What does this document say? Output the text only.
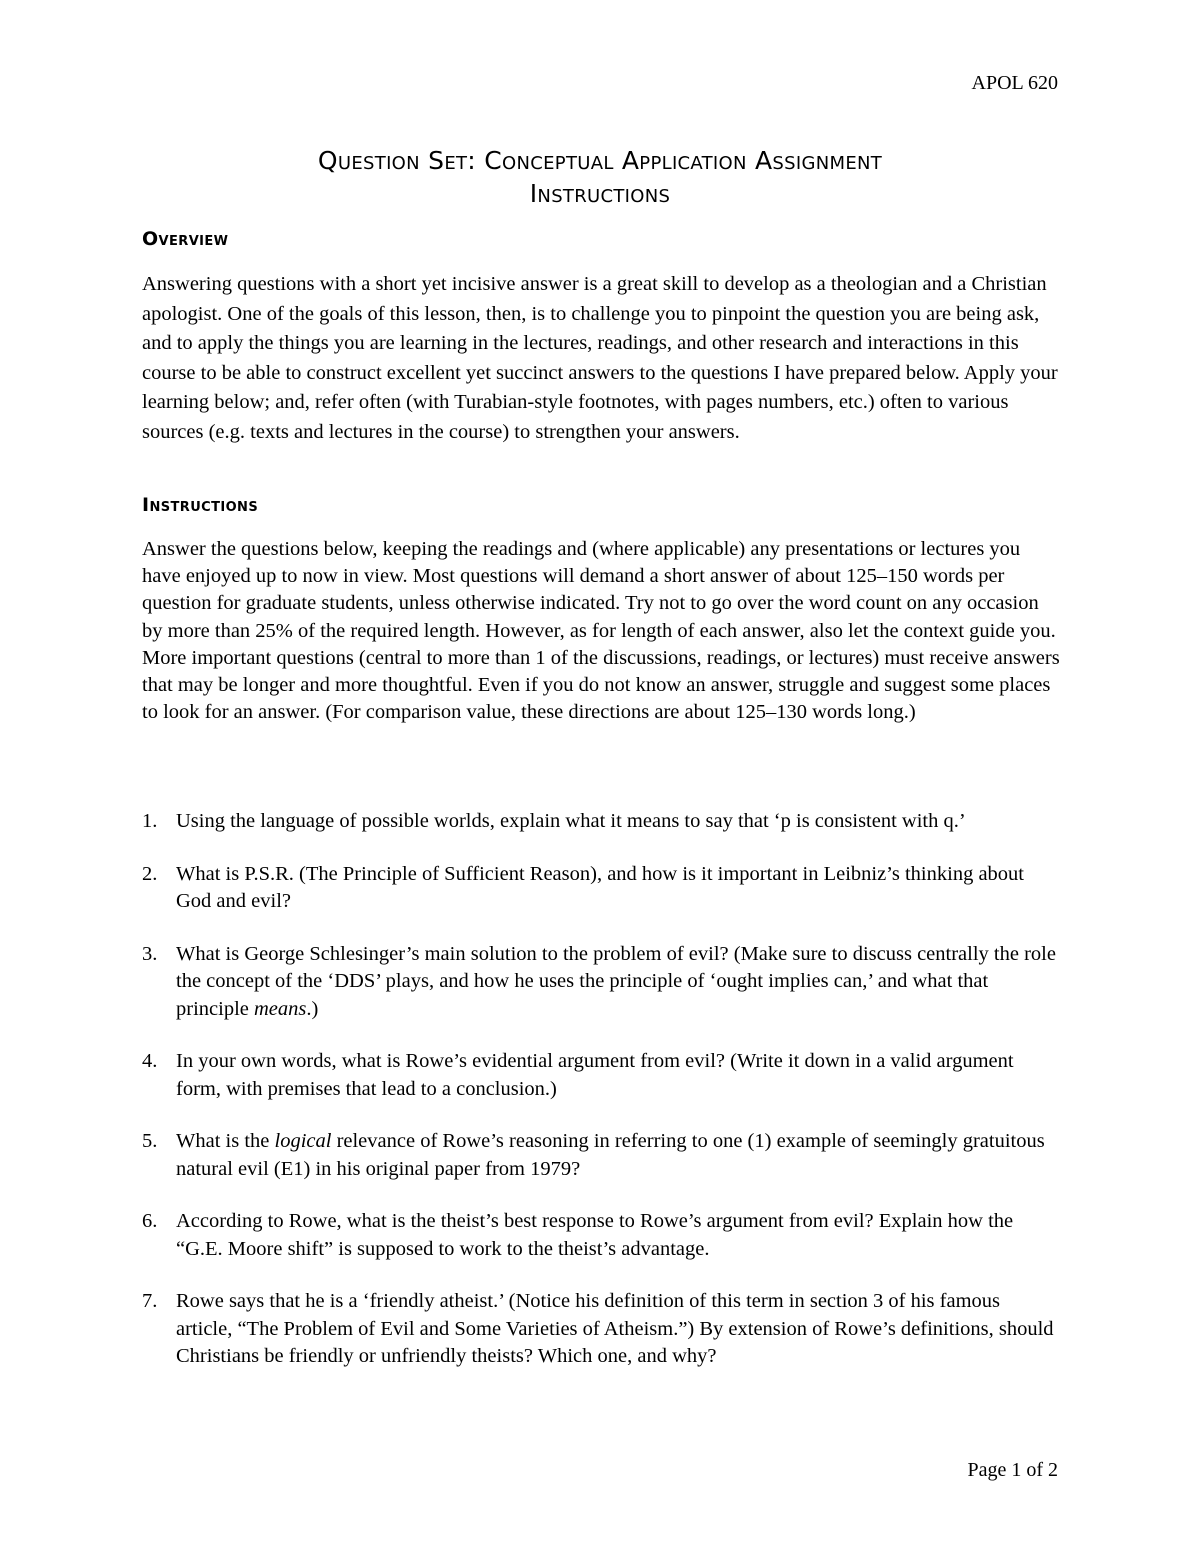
APOL 620
Question Set: Conceptual Application Assignment
Instructions
Overview

Answering questions with a short yet incisive answer is a great skill to develop as a theologian and a Christian apologist. One of the goals of this lesson, then, is to challenge you to pinpoint the question you are being ask, and to apply the things you are learning in the lectures, readings, and other research and interactions in this course to be able to construct excellent yet succinct answers to the questions I have prepared below. Apply your learning below; and, refer often (with Turabian-style footnotes, with pages numbers, etc.) often to various sources (e.g. texts and lectures in the course) to strengthen your answers.

Instructions

Answer the questions below, keeping the readings and (where applicable) any presentations or lectures you have enjoyed up to now in view. Most questions will demand a short answer of about 125–150 words per question for graduate students, unless otherwise indicated. Try not to go over the word count on any occasion by more than 25% of the required length. However, as for length of each answer, also let the context guide you. More important questions (central to more than 1 of the discussions, readings, or lectures) must receive answers that may be longer and more thoughtful. Even if you do not know an answer, struggle and suggest some places to look for an answer. (For comparison value, these directions are about 125–130 words long.)

1. Using the language of possible worlds, explain what it means to say that ‘p is consistent with q.’
2. What is P.S.R. (The Principle of Sufficient Reason), and how is it important in Leibniz’s thinking about God and evil?
3. What is George Schlesinger’s main solution to the problem of evil? (Make sure to discuss centrally the role the concept of the ‘DDS’ plays, and how he uses the principle of ‘ought implies can,’ and what that principle means.)
4. In your own words, what is Rowe’s evidential argument from evil? (Write it down in a valid argument form, with premises that lead to a conclusion.)
5. What is the logical relevance of Rowe’s reasoning in referring to one (1) example of seemingly gratuitous natural evil (E1) in his original paper from 1979?
6. According to Rowe, what is the theist’s best response to Rowe’s argument from evil? Explain how the “G.E. Moore shift” is supposed to work to the theist’s advantage.
7. Rowe says that he is a ‘friendly atheist.’ (Notice his definition of this term in section 3 of his famous article, “The Problem of Evil and Some Varieties of Atheism.”) By extension of Rowe’s definitions, should Christians be friendly or unfriendly theists? Which one, and why?
Page 1 of 2
